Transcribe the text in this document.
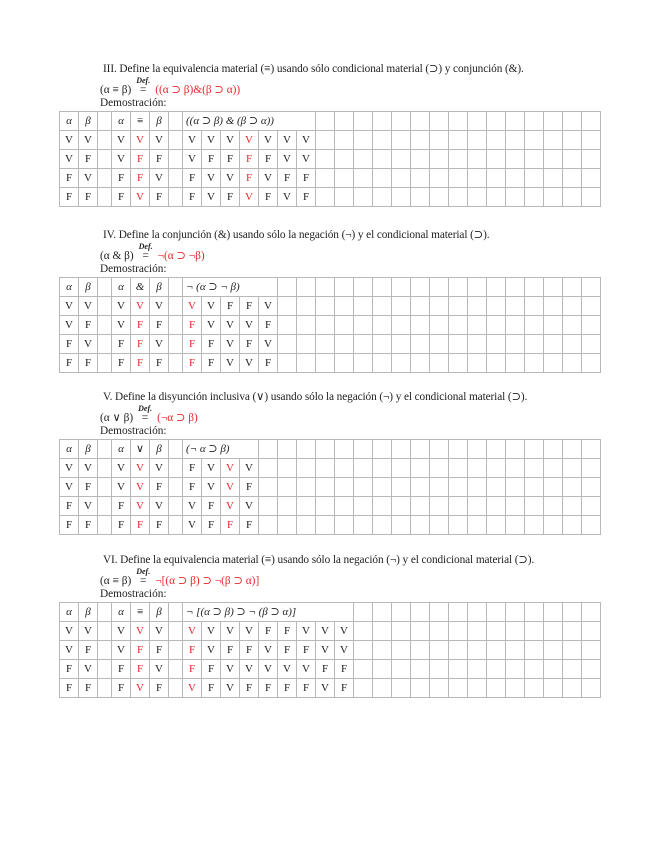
III. Define la equivalencia material (≡) usando sólo condicional material (⊃) y conjunción (&).
(α ≡ β)
Def.
= ((α ⊃ β)&(β ⊃ α))
Demostración:
α	β		α	≡	β		((α ⊃ β) & (β ⊃ α))																					
V	V		V	V	V		V	V	V	V	V	V	V															
V	F		V	F	F		V	F	F	F	F	V	V															
F	V		F	F	V		F	V	V	F	V	F	F															
F	F		F	V	F		F	V	F	V	F	V	F															
IV. Define la conjunción (&) usando sólo la negación (¬) y el condicional material (⊃).
(α & β)
Def.
= ¬(α ⊃ ¬β)
Demostración:
α	β		α	&	β		¬ (α ⊃ ¬ β)																					
V	V		V	V	V		V	V	F	F	V																	
V	F		V	F	F		F	V	V	V	F																	
F	V		F	F	V		F	F	V	F	V																	
F	F		F	F	F		F	F	V	V	F																	
V. Define la disyunción inclusiva (∨) usando sólo la negación (¬) y el condicional material (⊃).
(α ∨ β)
Def.
= (¬α ⊃ β)
Demostración:
α	β		α	∨	β		(¬ α ⊃ β)																					
V	V		V	V	V		F	V	V	V																		
V	F		V	V	F		F	V	V	F																		
F	V		F	V	V		V	F	V	V																		
F	F		F	F	F		V	F	F	F																		
VI. Define la equivalencia material (≡) usando sólo la negación (¬) y el condicional material (⊃).
(α ≡ β)
Def.
= ¬[(α ⊃ β) ⊃ ¬(β ⊃ α)]
Demostración:
α	β		α	≡	β		¬ [(α ⊃ β) ⊃ ¬ (β ⊃ α)]																					
V	V		V	V	V		V	V	V	V	F	F	V	V	V													
V	F		V	F	F		F	V	F	F	V	F	F	V	V													
F	V		F	F	V		F	F	V	V	V	V	V	F	F													
F	F		F	V	F		V	F	V	F	F	F	F	V	F													
